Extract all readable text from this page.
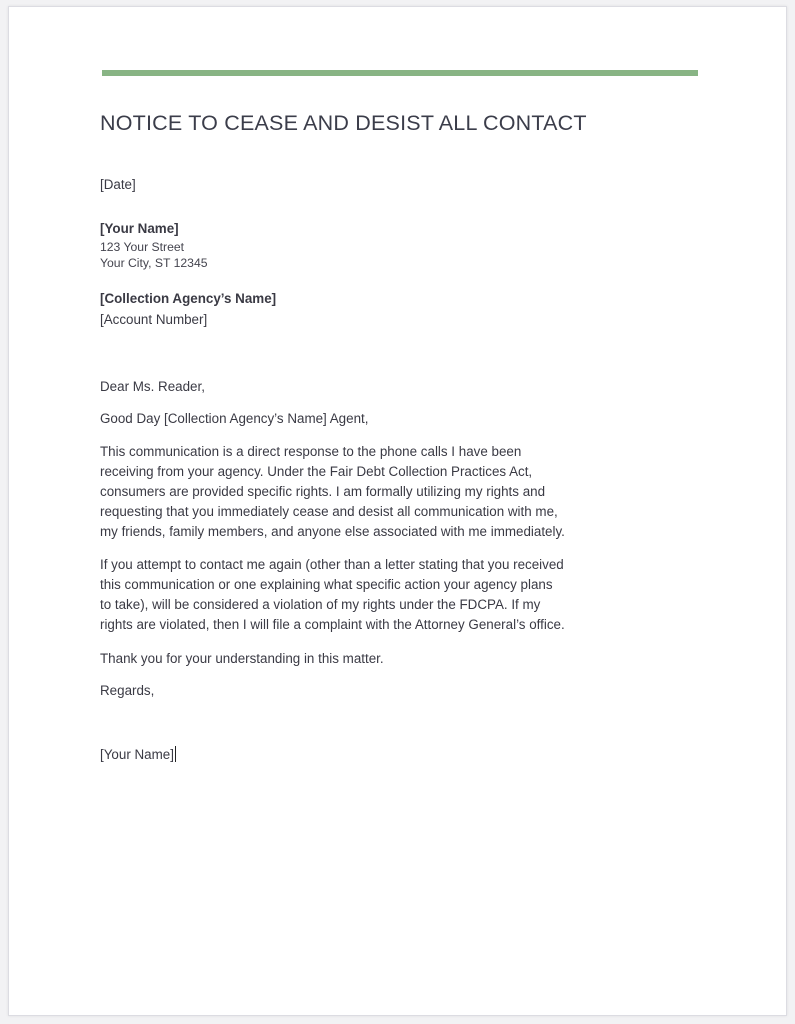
NOTICE TO CEASE AND DESIST ALL CONTACT
[Date]
[Your Name]
123 Your Street
Your City, ST 12345
[Collection Agency’s Name]
[Account Number]
Dear Ms. Reader,
Good Day [Collection Agency’s Name] Agent,
This communication is a direct response to the phone calls I have been
receiving from your agency. Under the Fair Debt Collection Practices Act,
consumers are provided specific rights. I am formally utilizing my rights and
requesting that you immediately cease and desist all communication with me,
my friends, family members, and anyone else associated with me immediately.
If you attempt to contact me again (other than a letter stating that you received
this communication or one explaining what specific action your agency plans
to take), will be considered a violation of my rights under the FDCPA. If my
rights are violated, then I will file a complaint with the Attorney General’s office.
Thank you for your understanding in this matter.
Regards,
[Your Name]
